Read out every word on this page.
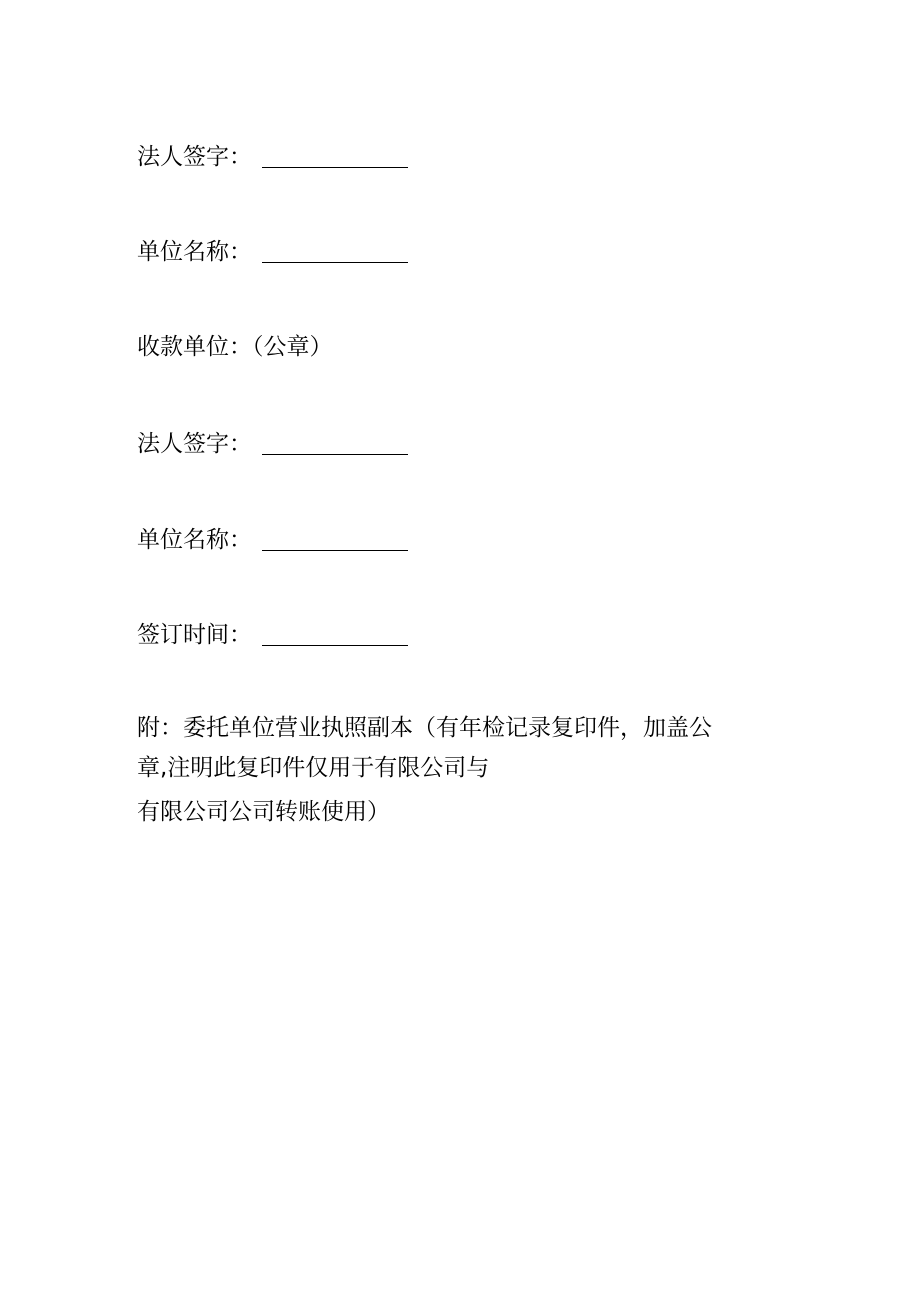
法人签字：
单位名称：
收款单位：（公章）
法人签字：
单位名称：
签订时间：
附：委托单位营业执照副本（有年检记录复印件，加盖公
章,注明此复印件仅用于有限公司与
有限公司公司转账使用）
